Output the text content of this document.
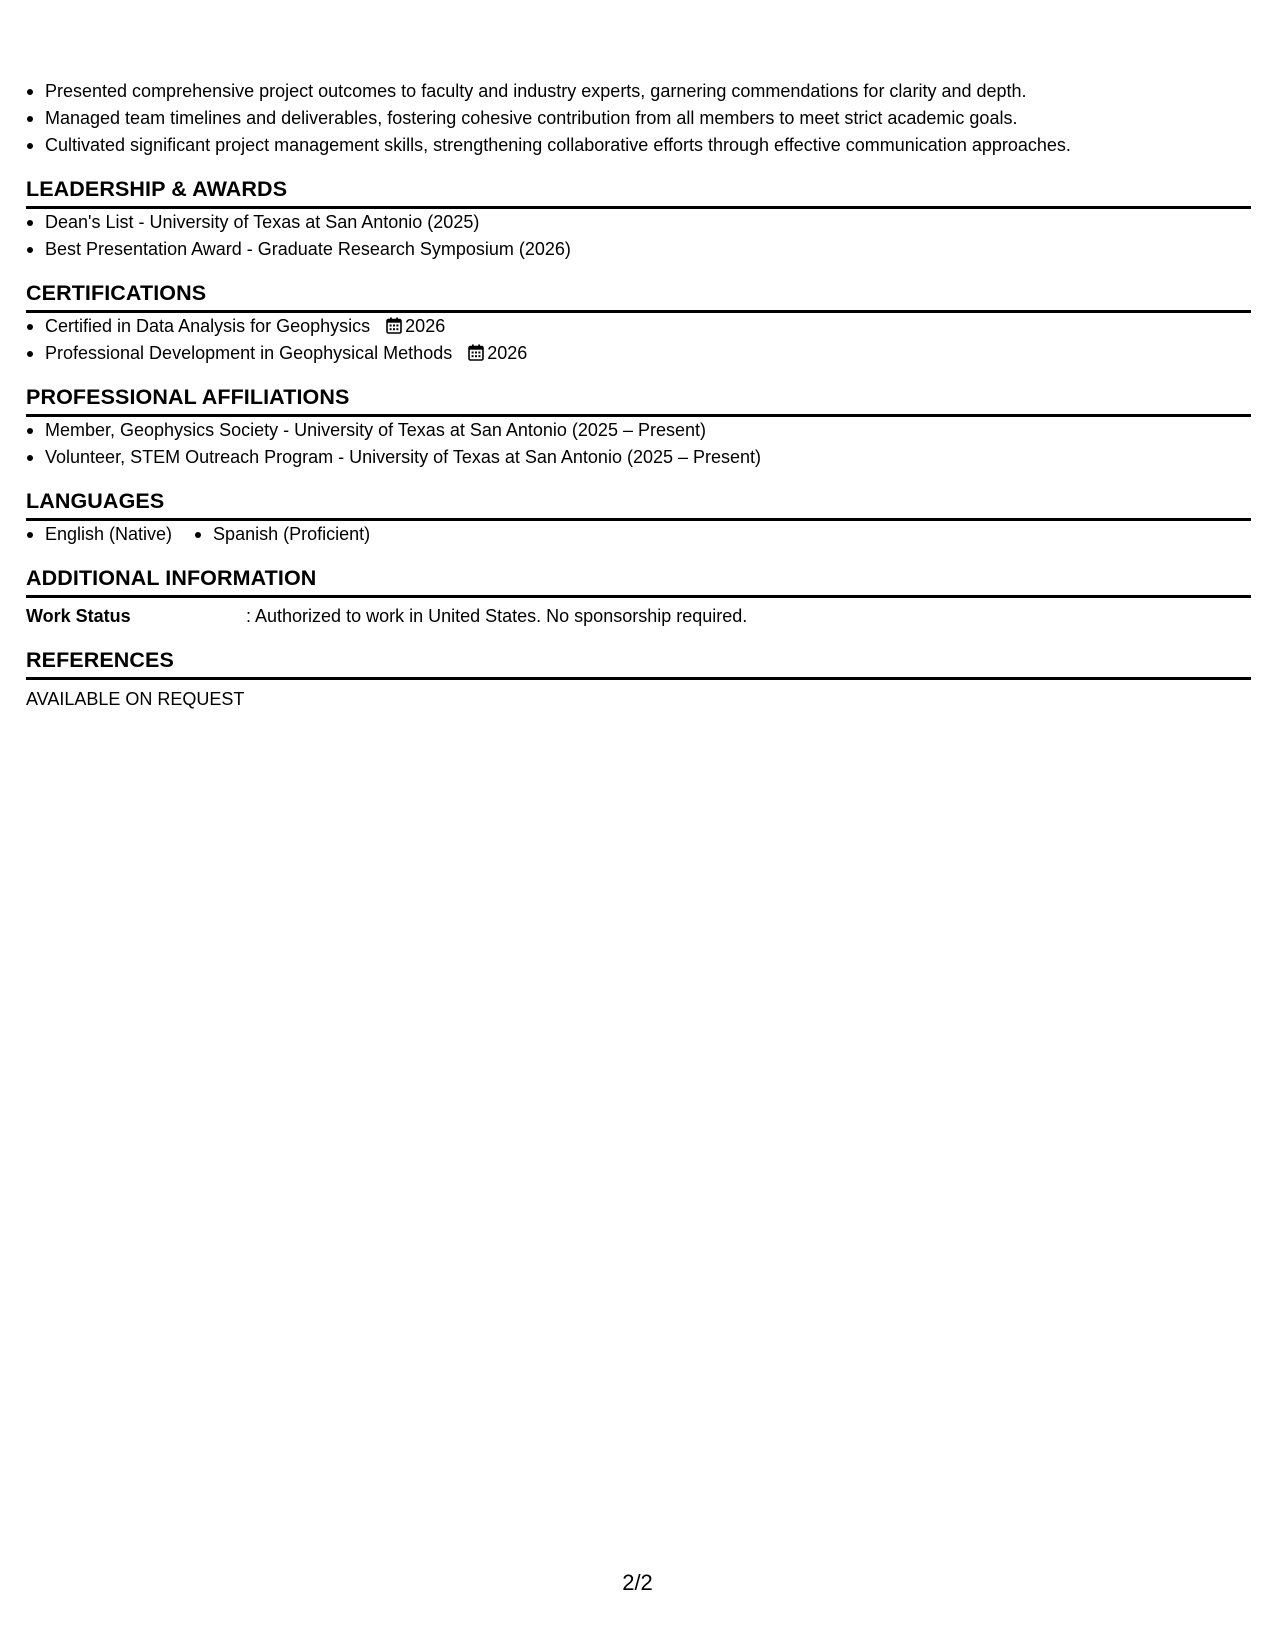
Presented comprehensive project outcomes to faculty and industry experts, garnering commendations for clarity and depth.
Managed team timelines and deliverables, fostering cohesive contribution from all members to meet strict academic goals.
Cultivated significant project management skills, strengthening collaborative efforts through effective communication approaches.
LEADERSHIP & AWARDS
Dean's List - University of Texas at San Antonio (2025)
Best Presentation Award - Graduate Research Symposium (2026)
CERTIFICATIONS
Certified in Data Analysis for Geophysics 2026
Professional Development in Geophysical Methods 2026
PROFESSIONAL AFFILIATIONS
Member, Geophysics Society - University of Texas at San Antonio (2025 – Present)
Volunteer, STEM Outreach Program - University of Texas at San Antonio (2025 – Present)
LANGUAGES
English (Native)	Spanish (Proficient)
ADDITIONAL INFORMATION
Work Status	: Authorized to work in United States. No sponsorship required.
REFERENCES
AVAILABLE ON REQUEST
2/2
